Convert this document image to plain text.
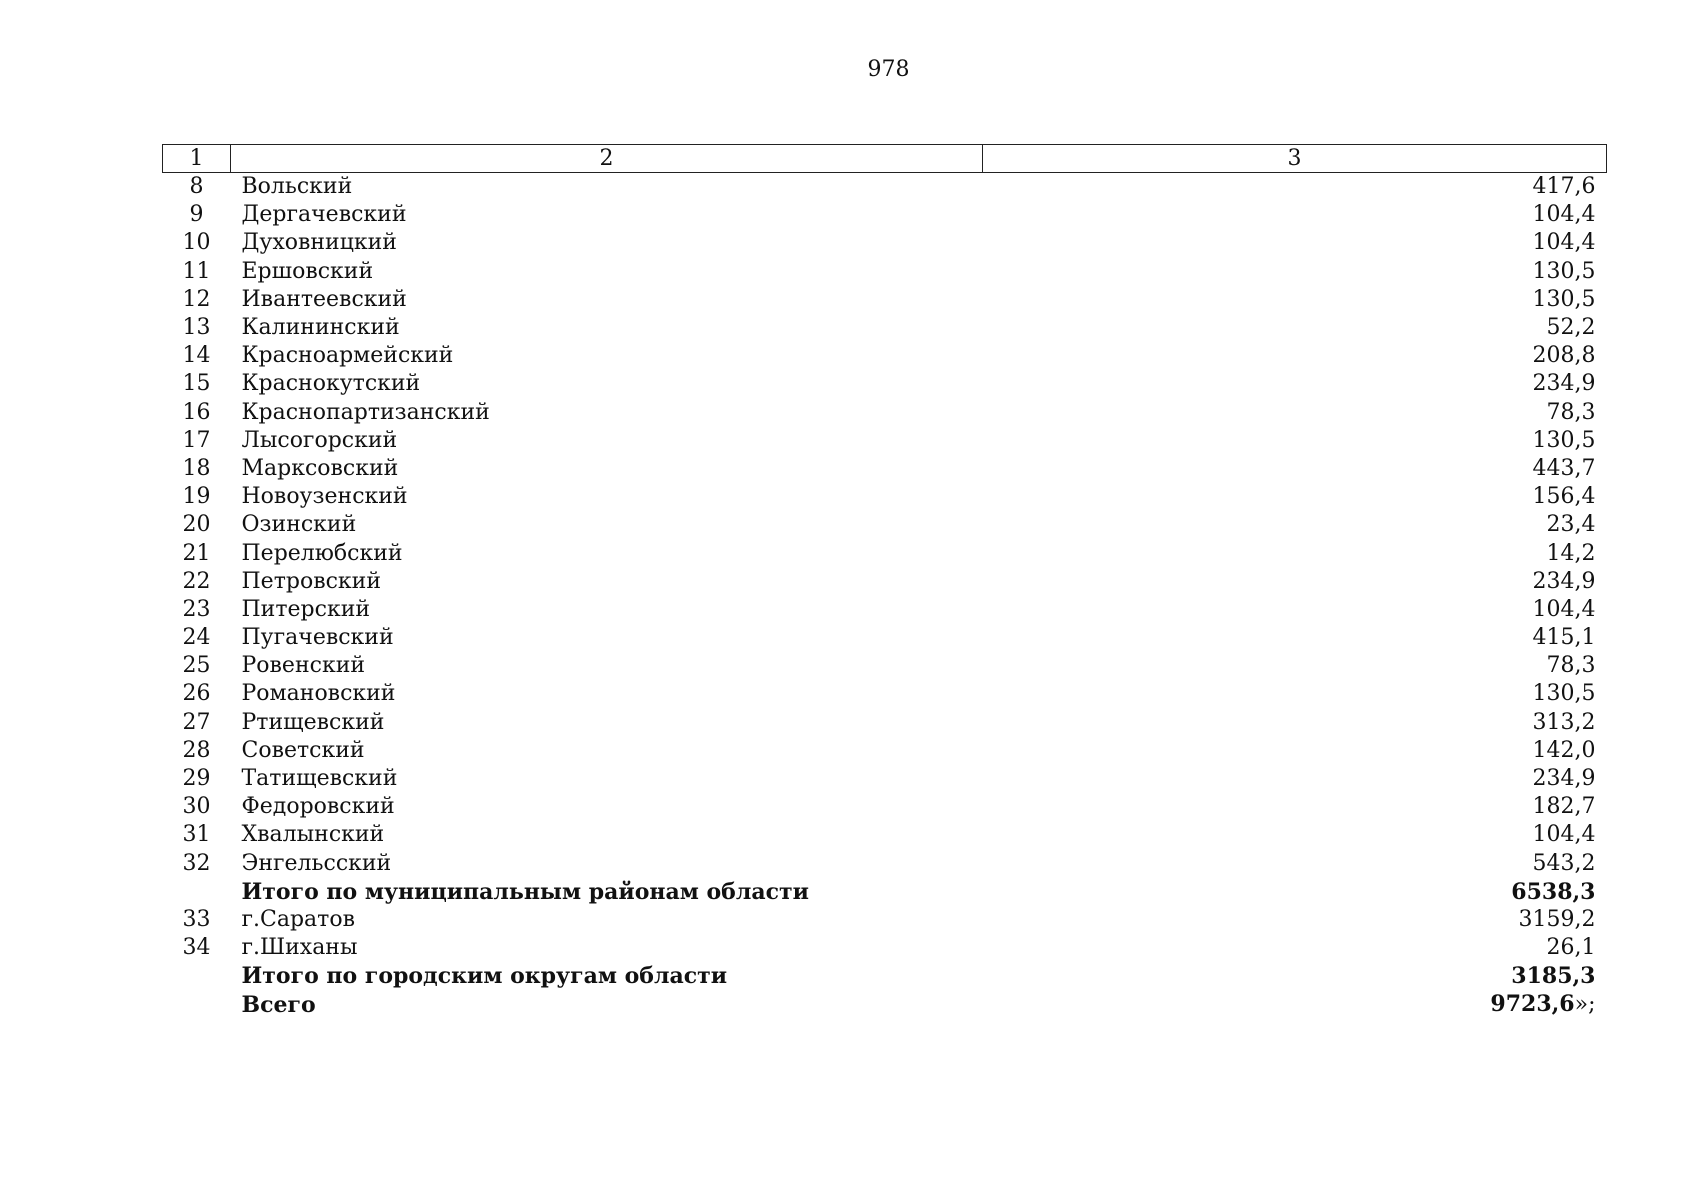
978
1	2	3
8	Вольский	417,6
9	Дергачевский	104,4
10	Духовницкий	104,4
11	Ершовский	130,5
12	Ивантеевский	130,5
13	Калининский	52,2
14	Красноармейский	208,8
15	Краснокутский	234,9
16	Краснопартизанский	78,3
17	Лысогорский	130,5
18	Марксовский	443,7
19	Новоузенский	156,4
20	Озинский	23,4
21	Перелюбский	14,2
22	Петровский	234,9
23	Питерский	104,4
24	Пугачевский	415,1
25	Ровенский	78,3
26	Романовский	130,5
27	Ртищевский	313,2
28	Советский	142,0
29	Татищевский	234,9
30	Федоровский	182,7
31	Хвалынский	104,4
32	Энгельсский	543,2
	Итого по муниципальным районам области	6538,3
33	г.Саратов	3159,2
34	г.Шиханы	26,1
	Итого по городским округам области	3185,3
	Всего	9723,6»;
